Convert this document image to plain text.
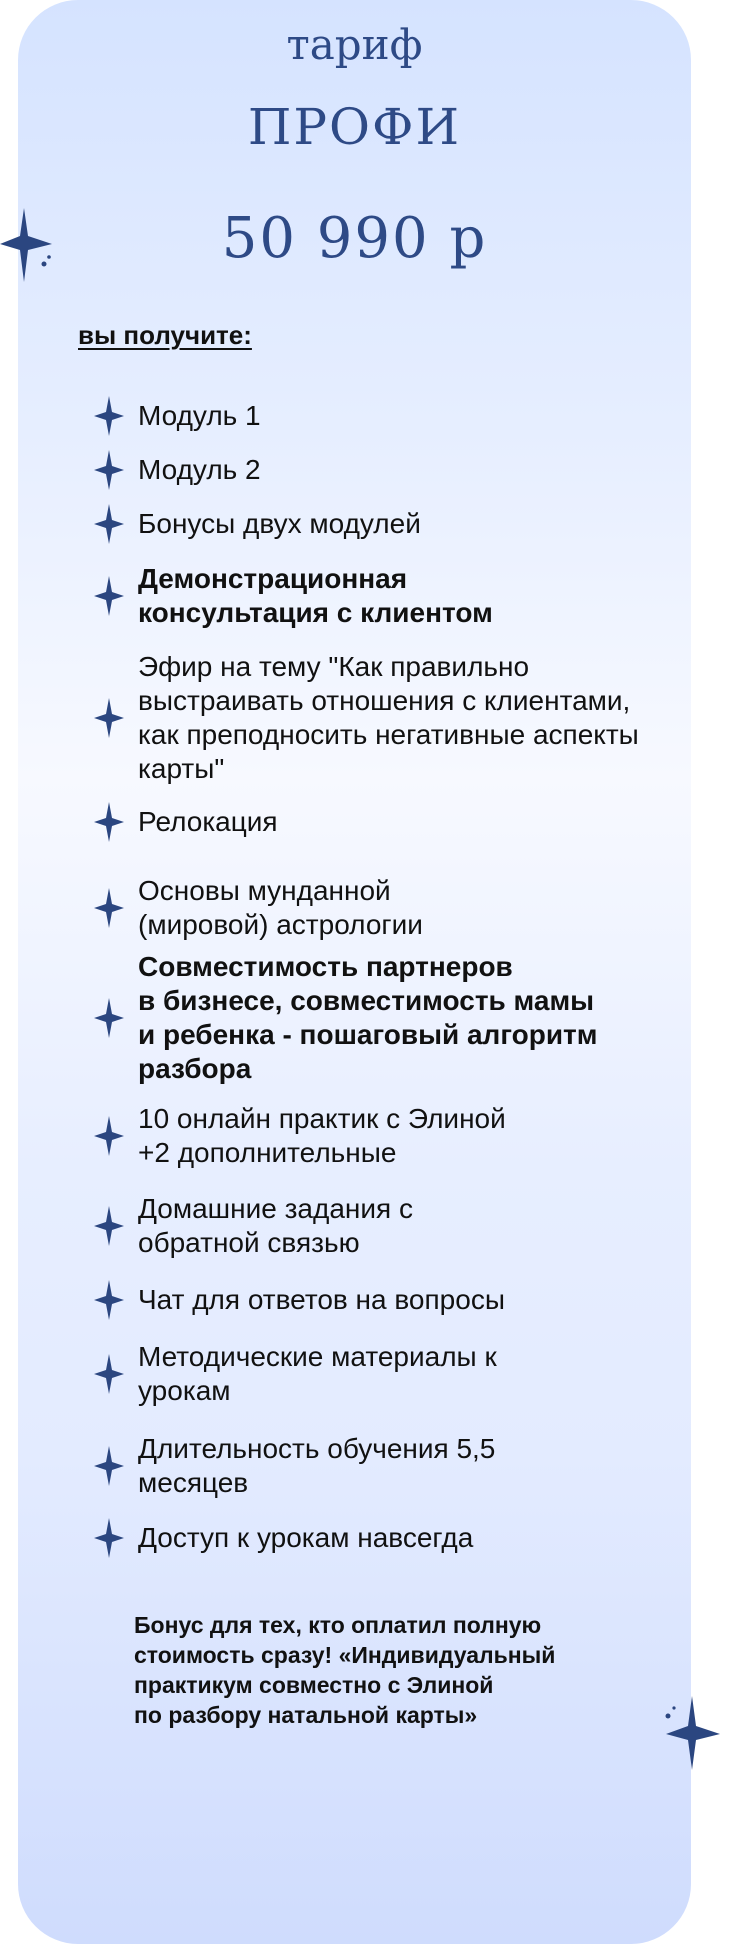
тариф
ПРОФИ
50 990 р
вы получите:
Модуль 1
Модуль 2
Бонусы двух модулей
Демонстрационная
консультация с клиентом
Эфир на тему "Как правильно
выстраивать отношения с клиентами,
как преподносить негативные аспекты
карты"
Релокация
Основы мунданной
(мировой) астрологии
Совместимость партнеров
в бизнесе, совместимость мамы
и ребенка - пошаговый алгоритм
разбора
10 онлайн практик с Элиной
+2 дополнительные
Домашние задания с
обратной связью
Чат для ответов на вопросы
Методические материалы к
урокам
Длительность обучения 5,5
месяцев
Доступ к урокам навсегда
Бонус для тех, кто оплатил полную
стоимость сразу! «Индивидуальный
практикум совместно с Элиной
по разбору натальной карты»
